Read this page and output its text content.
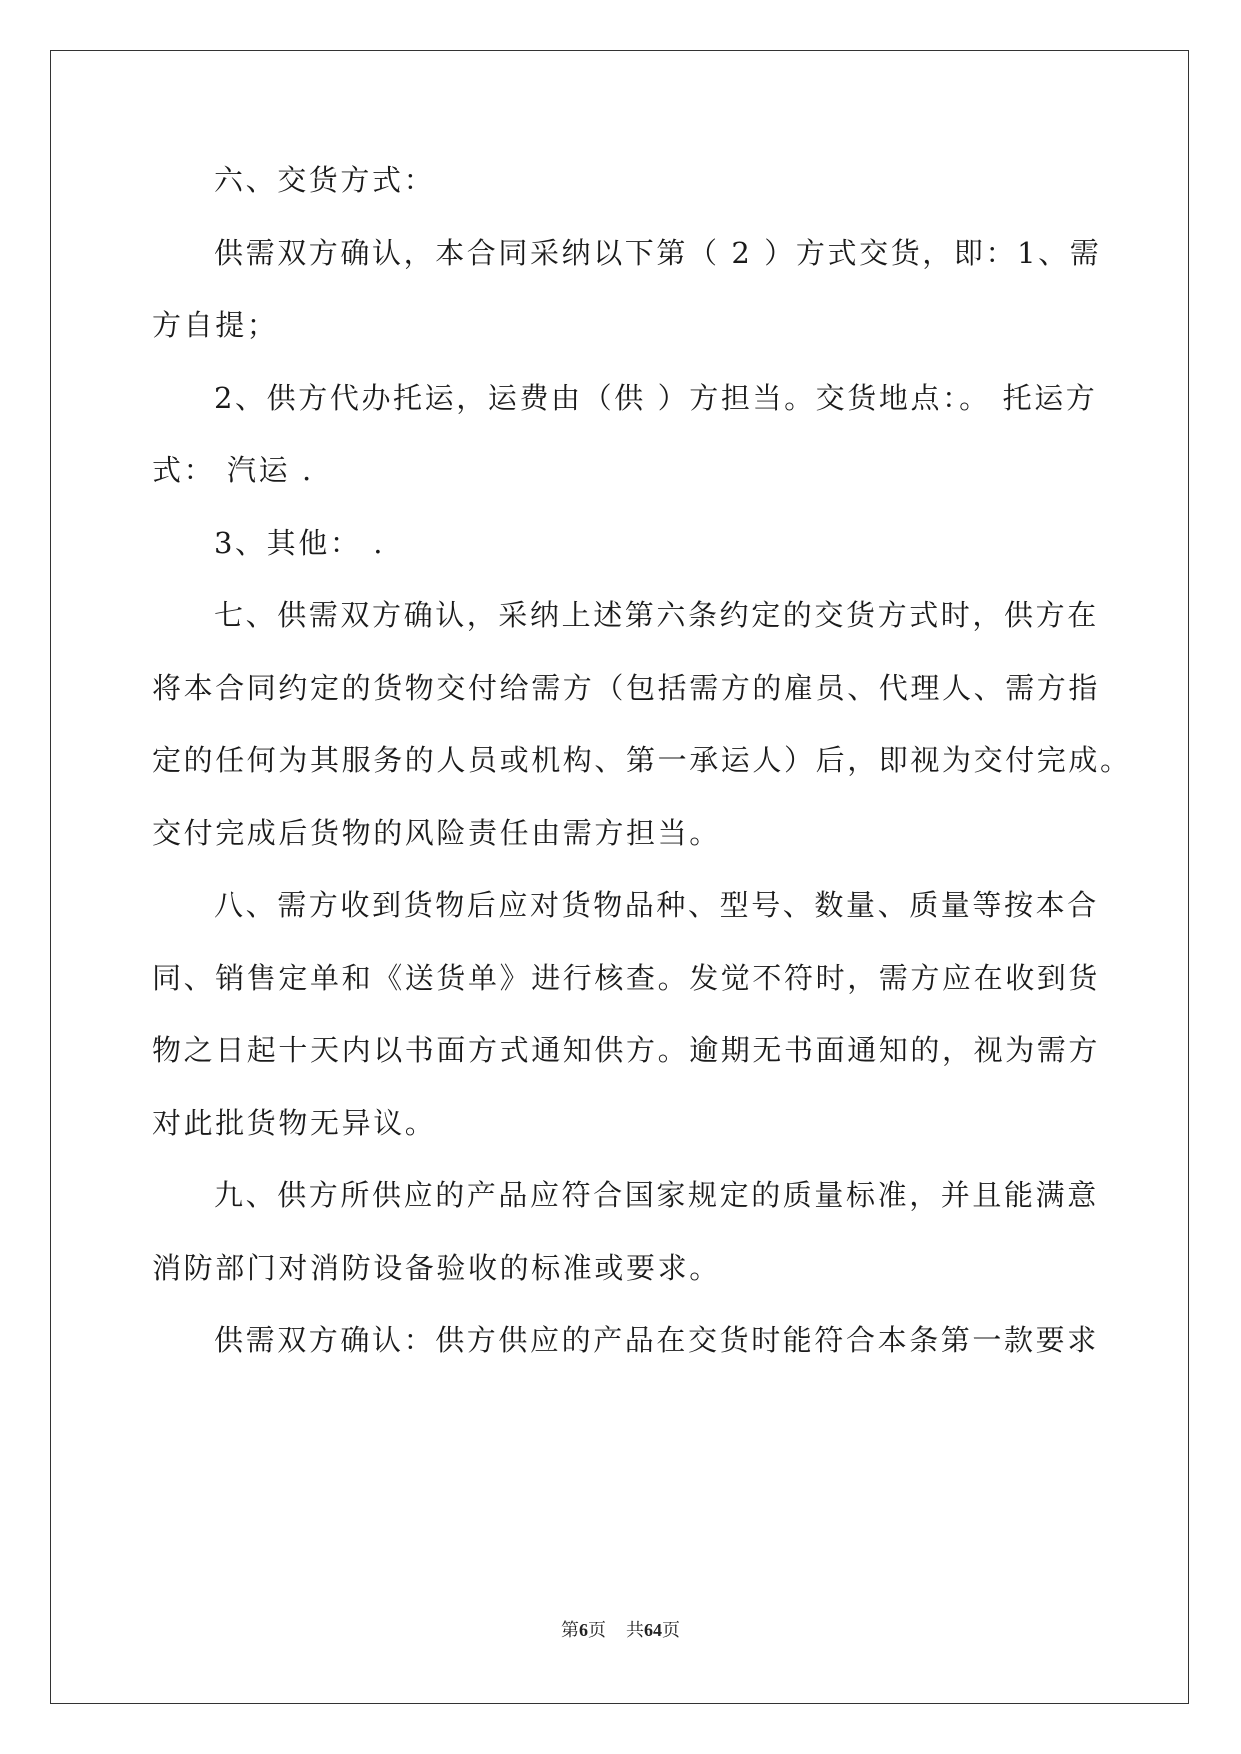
六、交货方式：
供需双方确认，本合同采纳以下第（ 2 ）方式交货，即：1、需
方自提；
2、供方代办托运，运费由（供 ）方担当。交货地点：。 托运方
式： 汽运 .
3、其他： .
七、供需双方确认，采纳上述第六条约定的交货方式时，供方在
将本合同约定的货物交付给需方（包括需方的雇员、代理人、需方指
定的任何为其服务的人员或机构、第一承运人）后，即视为交付完成。
交付完成后货物的风险责任由需方担当。
八、需方收到货物后应对货物品种、型号、数量、质量等按本合
同、销售定单和《送货单》进行核查。发觉不符时，需方应在收到货
物之日起十天内以书面方式通知供方。逾期无书面通知的，视为需方
对此批货物无异议。
九、供方所供应的产品应符合国家规定的质量标准，并且能满意
消防部门对消防设备验收的标准或要求。
供需双方确认：供方供应的产品在交货时能符合本条第一款要求
第6页 共64页
